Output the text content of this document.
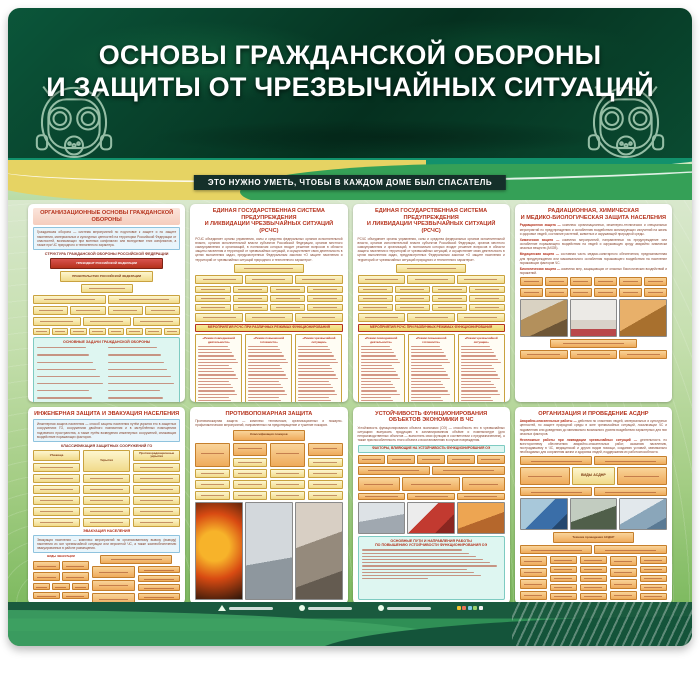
ОСНОВЫ ГРАЖДАНСКОЙ ОБОРОНЫ
И ЗАЩИТЫ ОТ ЧРЕЗВЫЧАЙНЫХ СИТУАЦИЙ
ЭТО НУЖНО УМЕТЬ, ЧТОБЫ В КАЖДОМ ДОМЕ БЫЛ СПАСАТЕЛЬ
ОРГАНИЗАЦИОННЫЕ ОСНОВЫ ГРАЖДАНСКОЙ ОБОРОНЫ
Гражданская оборона — система мероприятий по подготовке к защите и по защите населения, материальных и культурных ценностей на территории Российской Федерации от опасностей, возникающих при военных конфликтах или вследствие этих конфликтов, а также при ЧС природного и техногенного характера.
СТРУКТУРА ГРАЖДАНСКОЙ ОБОРОНЫ РОССИЙСКОЙ ФЕДЕРАЦИИ
ПРЕЗИДЕНТ РОССИЙСКОЙ ФЕДЕРАЦИИ
ПРАВИТЕЛЬСТВО РОССИЙСКОЙ ФЕДЕРАЦИИ
ОСНОВНЫЕ ЗАДАЧИ ГРАЖДАНСКОЙ ОБОРОНЫ
ЕДИНАЯ ГОСУДАРСТВЕННАЯ СИСТЕМА ПРЕДУПРЕЖДЕНИЯ
И ЛИКВИДАЦИИ ЧРЕЗВЫЧАЙНЫХ СИТУАЦИЙ (РСЧС)
РСЧС объединяет органы управления, силы и средства федеральных органов исполнительной власти, органов исполнительной власти субъектов Российской Федерации, органов местного самоуправления и организаций, в полномочия которых входит решение вопросов в области защиты населения и территорий от чрезвычайных ситуаций, и осуществляет свою деятельность в целях выполнения задач, предусмотренных Федеральным законом «О защите населения и территорий от чрезвычайных ситуаций природного и техногенного характера».
МЕРОПРИЯТИЯ РСЧС ПРИ РАЗЛИЧНЫХ РЕЖИМАХ ФУНКЦИОНИРОВАНИЯ
«Режим повседневной деятельности»
«Режим повышенной готовности»
«Режим чрезвычайной ситуации»
ЕДИНАЯ ГОСУДАРСТВЕННАЯ СИСТЕМА ПРЕДУПРЕЖДЕНИЯ
И ЛИКВИДАЦИИ ЧРЕЗВЫЧАЙНЫХ СИТУАЦИЙ (РСЧС)
РСЧС объединяет органы управления, силы и средства федеральных органов исполнительной власти, органов исполнительной власти субъектов Российской Федерации, органов местного самоуправления и организаций, в полномочия которых входит решение вопросов в области защиты населения и территорий от чрезвычайных ситуаций, и осуществляет свою деятельность в целях выполнения задач, предусмотренных Федеральным законом «О защите населения и территорий от чрезвычайных ситуаций природного и техногенного характера».
МЕРОПРИЯТИЯ РСЧС ПРИ РАЗЛИЧНЫХ РЕЖИМАХ ФУНКЦИОНИРОВАНИЯ
«Режим повседневной деятельности»
«Режим повышенной готовности»
«Режим чрезвычайной ситуации»
РАДИАЦИОННАЯ, ХИМИЧЕСКАЯ
И МЕДИКО-БИОЛОГИЧЕСКАЯ ЗАЩИТА НАСЕЛЕНИЯ
Радиационная защита — комплекс организационных, инженерно-технических и специальных мероприятий по предупреждению и ослаблению воздействия ионизирующих излучений на жизнь и здоровье людей, состояние растений, животных и окружающей природной среды.
Химическая защита — комплекс мероприятий, направленных на предупреждение или ослабление поражающего воздействия на людей и окружающую среду аварийно химически опасных веществ (АХОВ).
Медицинская защита — составная часть медико-санитарного обеспечения, предназначенная для предупреждения или максимального ослабления поражающего воздействия на население поражающих факторов ЧС.
Биологическая защита — комплекс мер, защищающих от опасных биологических воздействий и поражений.
ИНЖЕНЕРНАЯ ЗАЩИТА И ЭВАКУАЦИЯ НАСЕЛЕНИЯ
Инженерная защита населения — способ защиты населения путём укрытия его в защитных сооружениях ГО, сооружениях двойного назначения и в заглублённых помещениях подземного пространства, а также путём возведения инженерных сооружений, снижающих воздействие поражающих факторов.
КЛАССИФИКАЦИЯ ЗАЩИТНЫХ СООРУЖЕНИЙ ГО
Убежища
Укрытия
Противорадиационные укрытия
ЭВАКУАЦИЯ НАСЕЛЕНИЯ
Эвакуация населения — комплекс мероприятий по организованному вывозу (выводу) населения из зон чрезвычайной ситуации или вероятной ЧС, а также жизнеобеспечению эвакуированных в районе размещения.
ВИДЫ ЭВАКУАЦИИ
ПРОТИВОПОЖАРНАЯ ЗАЩИТА
Противопожарная защита — комплекс технических, организационных и пожарно-профилактических мероприятий, направленных на предотвращение и тушение пожаров.
Классификация пожаров
УСТОЙЧИВОСТЬ ФУНКЦИОНИРОВАНИЯ
ОБЪЕКТОВ ЭКОНОМИКИ В ЧС
Устойчивость функционирования объекта экономики (ОЭ) — способность его в чрезвычайных ситуациях выпускать продукцию в запланированном объёме и номенклатуре (для непроизводственных объектов — выполнять свои функции в соответствии с предназначением), а также приспособленность этого объекта к восстановлению в случае повреждения.
ФАКТОРЫ, ВЛИЯЮЩИЕ НА УСТОЙЧИВОСТЬ ФУНКЦИОНИРОВАНИЯ ОЭ
ОСНОВНЫЕ ПУТИ И НАПРАВЛЕНИЯ РАБОТЫ
ПО ПОВЫШЕНИЮ УСТОЙЧИВОСТИ ФУНКЦИОНИРОВАНИЯ ОЭ
ОРГАНИЗАЦИЯ И ПРОВЕДЕНИЕ АСДНР
Аварийно-спасательные работы — действия по спасению людей, материальных и культурных ценностей, по защите природной среды в зоне чрезвычайных ситуаций, локализации ЧС и подавлению или доведению до минимально возможного уровня воздействия характерных для них опасных факторов.
Неотложные работы при ликвидации чрезвычайных ситуаций — деятельность по всестороннему обеспечению аварийно-спасательных работ, оказанию населению, пострадавшему в ЧС, медицинской и других видов помощи, созданию условий, минимально необходимых для сохранения жизни и здоровья людей, поддержания их работоспособности.
ВИДЫ АСДНР
Техника проведения АСДНР
